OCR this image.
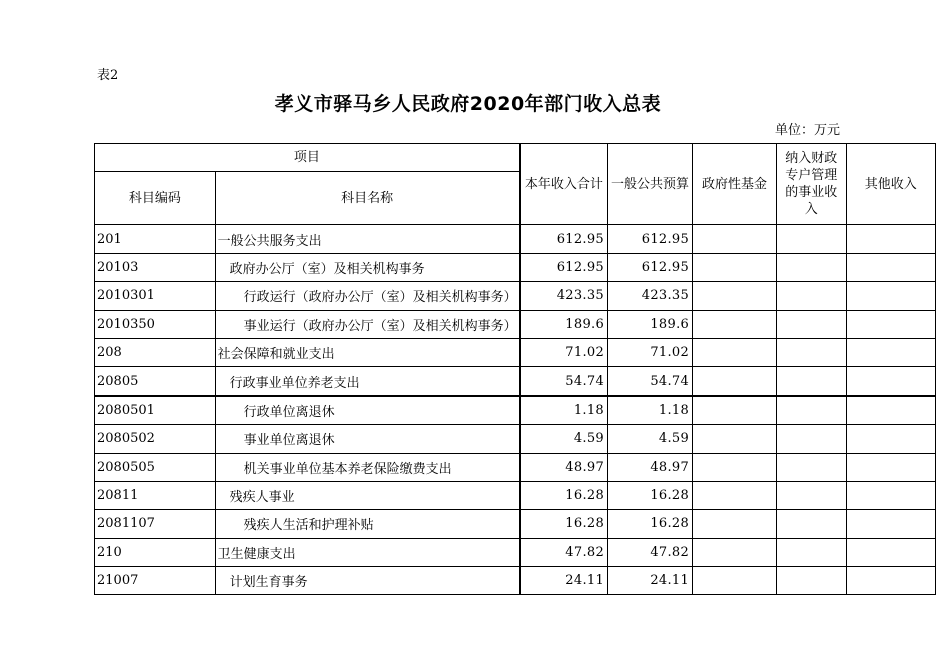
表2
孝义市驿马乡人民政府2020年部门收入总表
单位：万元
项目		本年收入合计	一般公共预算	政府性基金	纳入财政专户管理的事业收入	其他收入
科目编码	科目名称					
201	一般公共服务支出	612.95	612.95			
20103	政府办公厅（室）及相关机构事务	612.95	612.95			
2010301	行政运行（政府办公厅（室）及相关机构事务）	423.35	423.35			
2010350	事业运行（政府办公厅（室）及相关机构事务）	189.6	189.6			
208	社会保障和就业支出	71.02	71.02			
20805	行政事业单位养老支出	54.74	54.74			
2080501	行政单位离退休	1.18	1.18			
2080502	事业单位离退休	4.59	4.59			
2080505	机关事业单位基本养老保险缴费支出	48.97	48.97			
20811	残疾人事业	16.28	16.28			
2081107	残疾人生活和护理补贴	16.28	16.28			
210	卫生健康支出	47.82	47.82			
21007	计划生育事务	24.11	24.11			
